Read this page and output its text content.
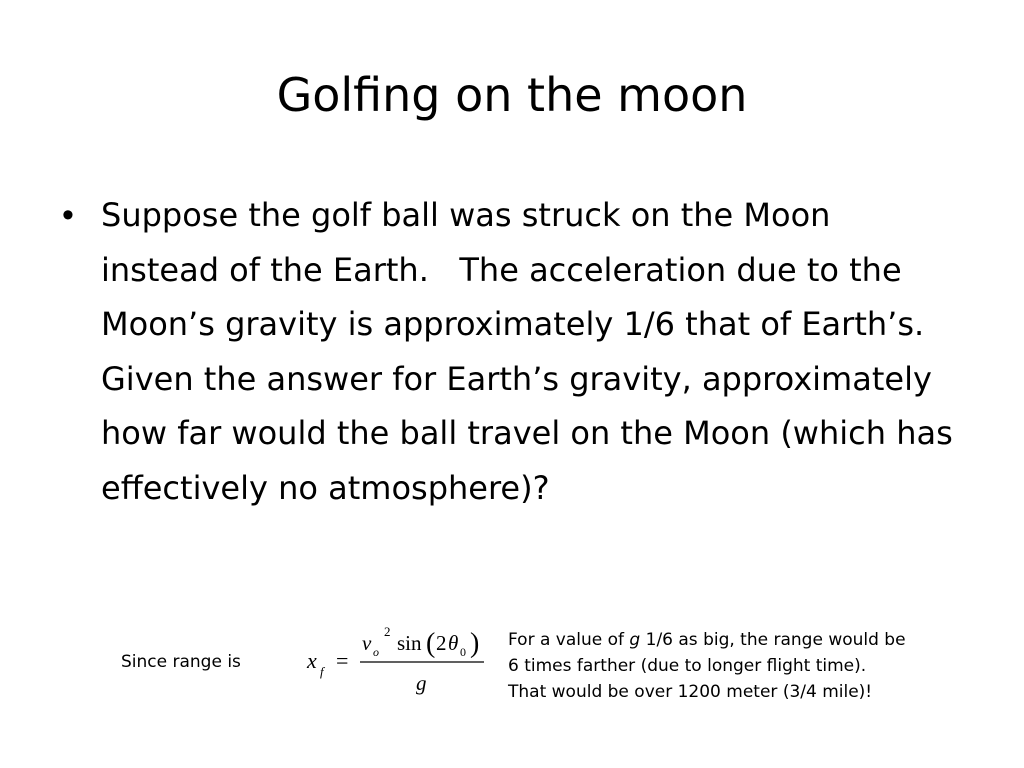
Golfing on the moon
• Suppose the golf ball was struck on the Moon instead of the Earth.   The acceleration due to the Moon’s gravity is approximately 1/6 that of Earth’s.  Given the answer for Earth’s gravity, approximately how far would the ball travel on the Moon (which has effectively no atmosphere)?
Since range is	x f =
v 2
o sin ( 2 θ 0 )
g
For a value of g 1/6 as big, the range would be
6 times farther (due to longer flight time).
That would be over 1200 meter (3/4 mile)!
